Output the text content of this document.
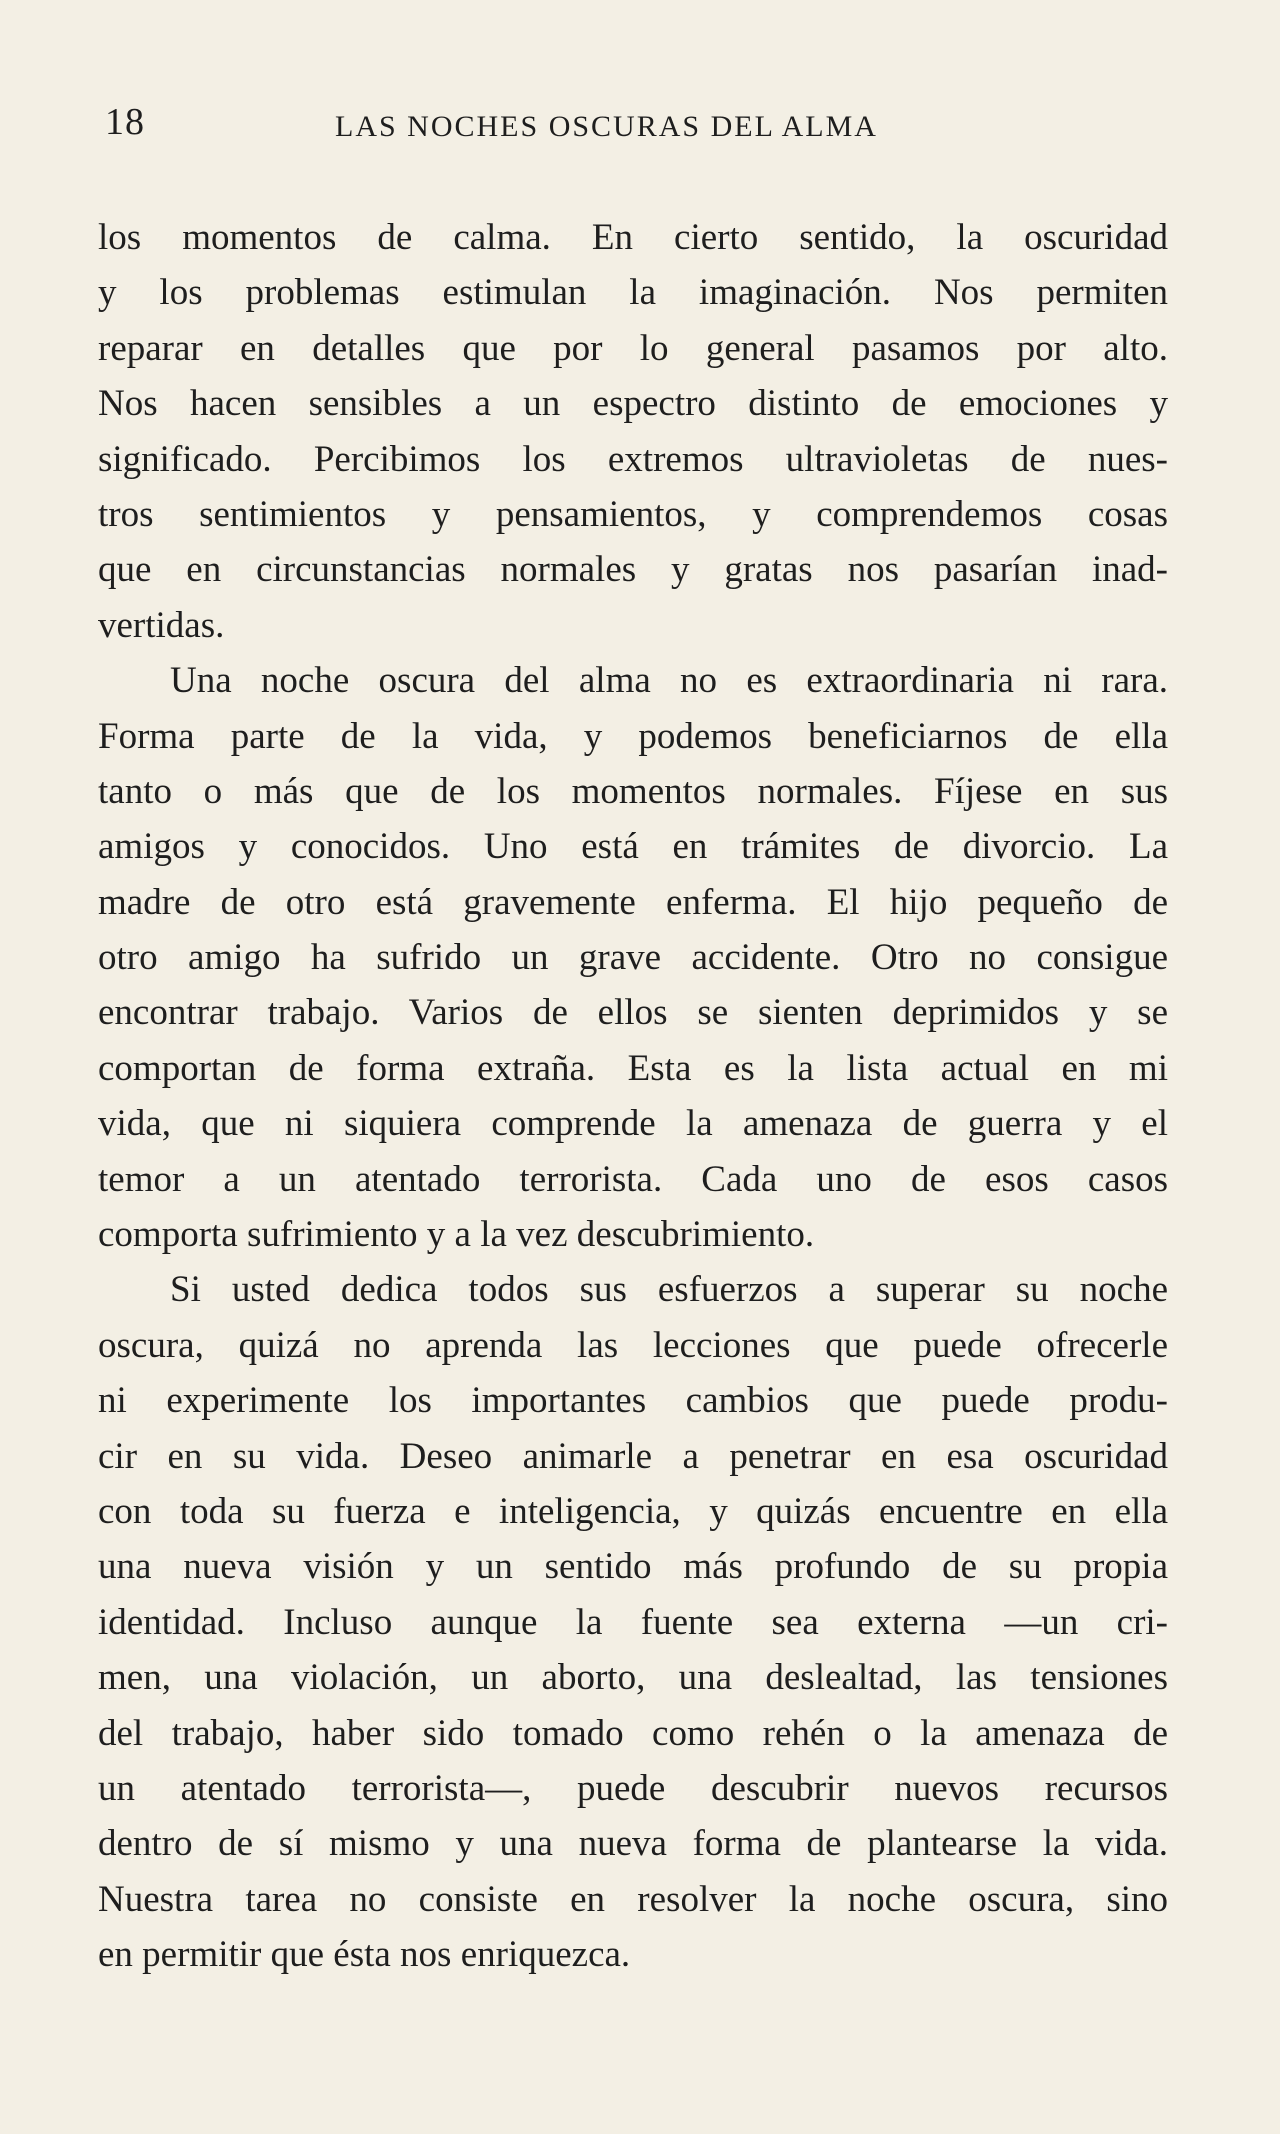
18	LAS NOCHES OSCURAS DEL ALMA
los momentos de calma. En cierto sentido, la oscuridad
y los problemas estimulan la imaginación. Nos permiten
reparar en detalles que por lo general pasamos por alto.
Nos hacen sensibles a un espectro distinto de emociones y
significado. Percibimos los extremos ultravioletas de nues-
tros sentimientos y pensamientos, y comprendemos cosas
que en circunstancias normales y gratas nos pasarían inad-
vertidas.
Una noche oscura del alma no es extraordinaria ni rara.
Forma parte de la vida, y podemos beneficiarnos de ella
tanto o más que de los momentos normales. Fíjese en sus
amigos y conocidos. Uno está en trámites de divorcio. La
madre de otro está gravemente enferma. El hijo pequeño de
otro amigo ha sufrido un grave accidente. Otro no consigue
encontrar trabajo. Varios de ellos se sienten deprimidos y se
comportan de forma extraña. Esta es la lista actual en mi
vida, que ni siquiera comprende la amenaza de guerra y el
temor a un atentado terrorista. Cada uno de esos casos
comporta sufrimiento y a la vez descubrimiento.
Si usted dedica todos sus esfuerzos a superar su noche
oscura, quizá no aprenda las lecciones que puede ofrecerle
ni experimente los importantes cambios que puede produ-
cir en su vida. Deseo animarle a penetrar en esa oscuridad
con toda su fuerza e inteligencia, y quizás encuentre en ella
una nueva visión y un sentido más profundo de su propia
identidad. Incluso aunque la fuente sea externa —un cri-
men, una violación, un aborto, una deslealtad, las tensiones
del trabajo, haber sido tomado como rehén o la amenaza de
un atentado terrorista—, puede descubrir nuevos recursos
dentro de sí mismo y una nueva forma de plantearse la vida.
Nuestra tarea no consiste en resolver la noche oscura, sino
en permitir que ésta nos enriquezca.
